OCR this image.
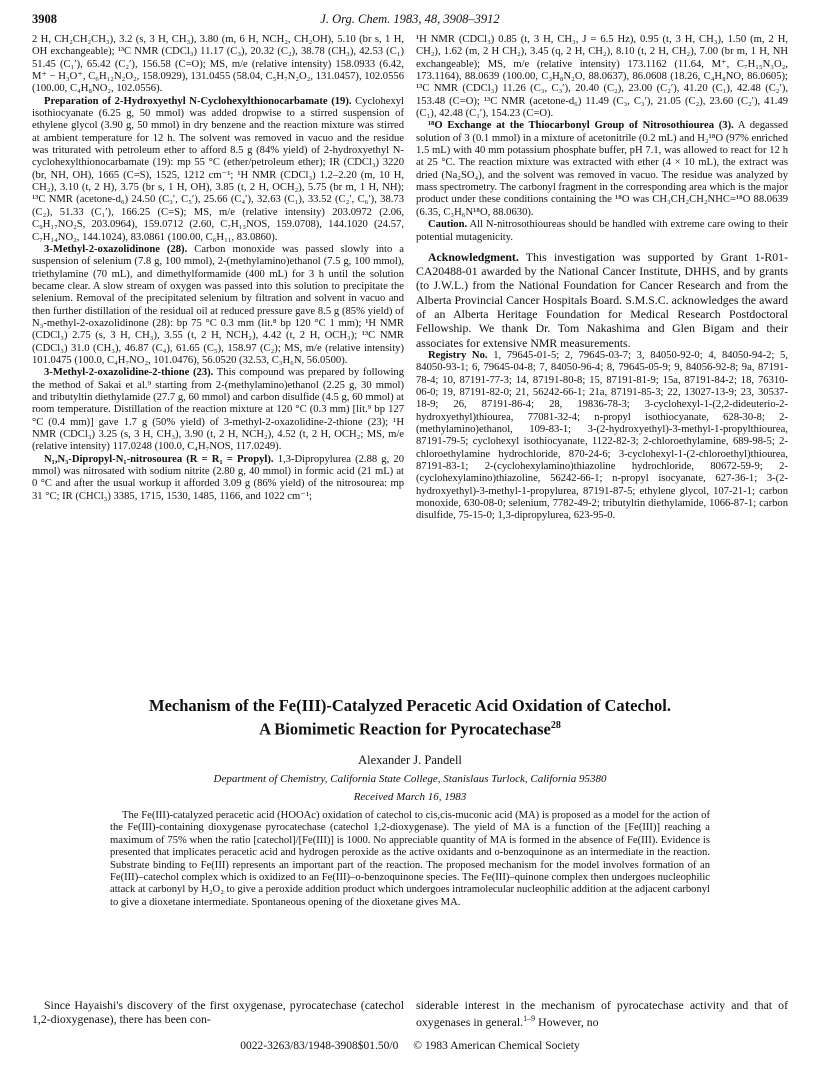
3908	J. Org. Chem. 1983, 48, 3908–3912

2 H, CH₂CH₂CH₃), 3.2 (s, 3 H, CH₃), 3.80 (m, 6 H, NCH₂, CH₂OH), 5.10 (br s, 1 H, OH exchangeable); ¹³C NMR (CDCl₃) 11.17 (C₃), 20.32 (C₂), 38.78 (CH₃), 42.53 (C₁) 51.45 (C₁′), 65.42 (C₂′), 156.58 (C=O); MS, m/e (relative intensity) 158.0933 (6.42, M⁺ − H₃O⁺, C₆H₁₂N₂O₂, 158.0929), 131.0455 (58.04, C₅H₇N₂O₂, 131.0457), 102.0556 (100.00, C₄H₈NO₂, 102.0556).

Preparation of 2-Hydroxyethyl N-Cyclohexylthionocarbamate (19). Cyclohexyl isothiocyanate (6.25 g, 50 mmol) was added dropwise to a stirred suspension of ethylene glycol (3.90 g, 50 mmol) in dry benzene and the reaction mixture was stirred at ambient temperature for 12 h. The solvent was removed in vacuo and the residue was triturated with petroleum ether to afford 8.5 g (84% yield) of 2-hydroxyethyl N-cyclohexylthionocarbamate (19): mp 55 °C (ether/petroleum ether); IR (CDCl₃) 3220 (br, NH, OH), 1665 (C=S), 1525, 1212 cm⁻¹; ¹H NMR (CDCl₃) 1.2–2.20 (m, 10 H, CH₂), 3.10 (t, 2 H), 3.75 (br s, 1 H, OH), 3.85 (t, 2 H, OCH₂), 5.75 (br m, 1 H, NH); ¹³C NMR (acetone-d₆) 24.50 (C₃′, C₅′), 25.66 (C₄′), 32.63 (C₁), 33.52 (C₂′, C₆′), 38.73 (C₂), 51.33 (C₁′), 166.25 (C=S); MS, m/e (relative intensity) 203.0972 (2.06, C₉H₁₇NO₂S, 203.0964), 159.0712 (2.60, C₇H₁₃NOS, 159.0708), 144.1020 (24.57, C₇H₁₄NO₂, 144.1024), 83.0861 (100.00, C₆H₁₁, 83.0860).

3-Methyl-2-oxazolidinone (28). Carbon monoxide was passed slowly into a suspension of selenium (7.8 g, 100 mmol), 2-(methylamino)ethanol (7.5 g, 100 mmol), triethylamine (70 mL), and dimethylformamide (400 mL) for 3 h until the solution became clear. A slow stream of oxygen was passed into this solution to precipitate the selenium. Removal of the precipitated selenium by filtration and solvent in vacuo and then further distillation of the residual oil at reduced pressure gave 8.5 g (85% yield) of N₃-methyl-2-oxazolidinone (28): bp 75 °C 0.3 mm (lit.⁸ bp 120 °C 1 mm); ¹H NMR (CDCl₃) 2.75 (s, 3 H, CH₃), 3.55 (t, 2 H, NCH₂), 4.42 (t, 2 H, OCH₃); ¹³C NMR (CDCl₃) 31.0 (CH₃), 46.87 (C₄), 61.65 (C₅), 158.97 (C₂); MS, m/e (relative intensity) 101.0475 (100.0, C₄H₇NO₂, 101.0476), 56.0520 (32.53, C₃H₆N, 56.0500).

3-Methyl-2-oxazolidine-2-thione (23). This compound was prepared by following the method of Sakai et al.⁹ starting from 2-(methylamino)ethanol (2.25 g, 30 mmol) and tributyltin diethylamide (27.7 g, 60 mmol) and carbon disulfide (4.5 g, 60 mmol) at room temperature. Distillation of the reaction mixture at 120 °C (0.3 mm) [lit.⁹ bp 127 °C (0.4 mm)] gave 1.7 g (50% yield) of 3-methyl-2-oxazolidine-2-thione (23); ¹H NMR (CDCl₃) 3.25 (s, 3 H, CH₃), 3.90 (t, 2 H, NCH₂), 4.52 (t, 2 H, OCH₂; MS, m/e (relative intensity) 117.0248 (100.0, C₄H₇NOS, 117.0249).

N₁,N₃-Dipropyl-N₁-nitrosourea (R = R₁ = Propyl). 1,3-Dipropylurea (2.88 g, 20 mmol) was nitrosated with sodium nitrite (2.80 g, 40 mmol) in formic acid (21 mL) at 0 °C and after the usual workup it afforded 3.09 g (86% yield) of the nitrosourea: mp 31 °C; IR (CHCl₃) 3385, 1715, 1530, 1485, 1166, and 1022 cm⁻¹;

¹H NMR (CDCl₃) 0.85 (t, 3 H, CH₃, J = 6.5 Hz), 0.95 (t, 3 H, CH₃), 1.50 (m, 2 H, CH₂), 1.62 (m, 2 H CH₂), 3.45 (q, 2 H, CH₂), 8.10 (t, 2 H, CH₂), 7.00 (br m, 1 H, NH exchangeable); MS, m/e (relative intensity) 173.1162 (11.64, M⁺, C₇H₁₅N₃O₂, 173.1164), 88.0639 (100.00, C₃H₈N₂O, 88.0637), 86.0608 (18.26, C₄H₈NO, 86.0605); ¹³C NMR (CDCl₃) 11.26 (C₃, C₃′), 20.40 (C₂), 23.00 (C₂′), 41.20 (C₁), 42.48 (C₂′), 153.48 (C=O); ¹³C NMR (acetone-d₆) 11.49 (C₃, C₃′), 21.05 (C₂), 23.60 (C₂′), 41.49 (C₁), 42.48 (C₁′), 154.23 (C=O).

¹⁸O Exchange at the Thiocarbonyl Group of Nitrosothiourea (3). A degassed solution of 3 (0.1 mmol) in a mixture of acetonitrile (0.2 mL) and H₂¹⁸O (97% enriched 1.5 mL) with 40 mm potassium phosphate buffer, pH 7.1, was allowed to react for 12 h at 25 °C. The reaction mixture was extracted with ether (4 × 10 mL), the extract was dried (Na₂SO₄), and the solvent was removed in vacuo. The residue was analyzed by mass spectrometry. The carbonyl fragment in the corresponding area which is the major product under these conditions containing the ¹⁸O was CH₃CH₂CH₂NHC=¹⁸O 88.0639 (6.35, C₃H₆N¹⁸O, 88.0630).

Caution. All N-nitrosothioureas should be handled with extreme care owing to their potential mutagenicity.

Acknowledgment. This investigation was supported by Grant 1-R01-CA20488-01 awarded by the National Cancer Institute, DHHS, and by grants (to J.W.L.) from the National Foundation for Cancer Research and from the Alberta Provincial Cancer Hospitals Board. S.M.S.C. acknowledges the award of an Alberta Heritage Foundation for Medical Research Postdoctoral Fellowship. We thank Dr. Tom Nakashima and Glen Bigam and their associates for extensive NMR measurements.

Registry No. 1, 79645-01-5; 2, 79645-03-7; 3, 84050-92-0; 4, 84050-94-2; 5, 84050-93-1; 6, 79645-04-8; 7, 84050-96-4; 8, 79645-05-9; 9, 84056-92-8; 9a, 87191-78-4; 10, 87191-77-3; 14, 87191-80-8; 15, 87191-81-9; 15a, 87191-84-2; 18, 76310-06-0; 19, 87191-82-0; 21, 56242-66-1; 21a, 87191-85-3; 22, 13027-13-9; 23, 30537-18-9; 26, 87191-86-4; 28, 19836-78-3; 3-cyclohexyl-1-(2,2-dideuterio-2-hydroxyethyl)thiourea, 77081-32-4; n-propyl isothiocyanate, 628-30-8; 2-(methylamino)ethanol, 109-83-1; 3-(2-hydroxyethyl)-3-methyl-1-propylthiourea, 87191-79-5; cyclohexyl isothiocyanate, 1122-82-3; 2-chloroethylamine, 689-98-5; 2-chloroethylamine hydrochloride, 870-24-6; 3-cyclohexyl-1-(2-chloroethyl)thiourea, 87191-83-1; 2-(cyclohexylamino)thiazoline hydrochloride, 80672-59-9; 2-(cyclohexylamino)thiazoline, 56242-66-1; n-propyl isocyanate, 627-36-1; 3-(2-hydroxyethyl)-3-methyl-1-propylurea, 87191-87-5; ethylene glycol, 107-21-1; carbon monoxide, 630-08-0; selenium, 7782-49-2; tributyltin diethylamide, 1066-87-1; carbon disulfide, 75-15-0; 1,3-dipropylurea, 623-95-0.

Mechanism of the Fe(III)-Catalyzed Peracetic Acid Oxidation of Catechol.
A Biomimetic Reaction for Pyrocatechase$^{28}$
Alexander J. Pandell
Department of Chemistry, California State College, Stanislaus Turlock, California 95380
Received March 16, 1983
The Fe(III)-catalyzed peracetic acid (HOOAc) oxidation of catechol to cis,cis-muconic acid (MA) is proposed as a model for the action of the Fe(III)-containing dioxygenase pyrocatechase (catechol 1,2-dioxygenase). The yield of MA is a function of the [Fe(III)] reaching a maximum of 75% when the ratio [catechol]/[Fe(III)] is 1000. No appreciable quantity of MA is formed in the absence of Fe(III). Evidence is presented that implicates peracetic acid and hydrogen peroxide as the active oxidants and o-benzoquinone as an intermediate in the reaction. Substrate binding to Fe(III) represents an important part of the reaction. The proposed mechanism for the model involves formation of an Fe(III)–catechol complex which is oxidized to an Fe(III)–o-benzoquinone species. The Fe(III)–quinone complex then undergoes nucleophilic attack at carbonyl by H₂O₂ to give a peroxide addition product which undergoes intramolecular nucleophilic addition at the adjacent carbonyl to give a dioxetane intermediate. Spontaneous opening of the dioxetane gives MA.
Since Hayaishi's discovery of the first oxygenase, pyrocatechase (catechol 1,2-dioxygenase), there has been con-
siderable interest in the mechanism of pyrocatechase activity and that of oxygenases in general.$^{1-9}$ However, no
0022-3263/83/1948-3908$01.50/0 © 1983 American Chemical Society
